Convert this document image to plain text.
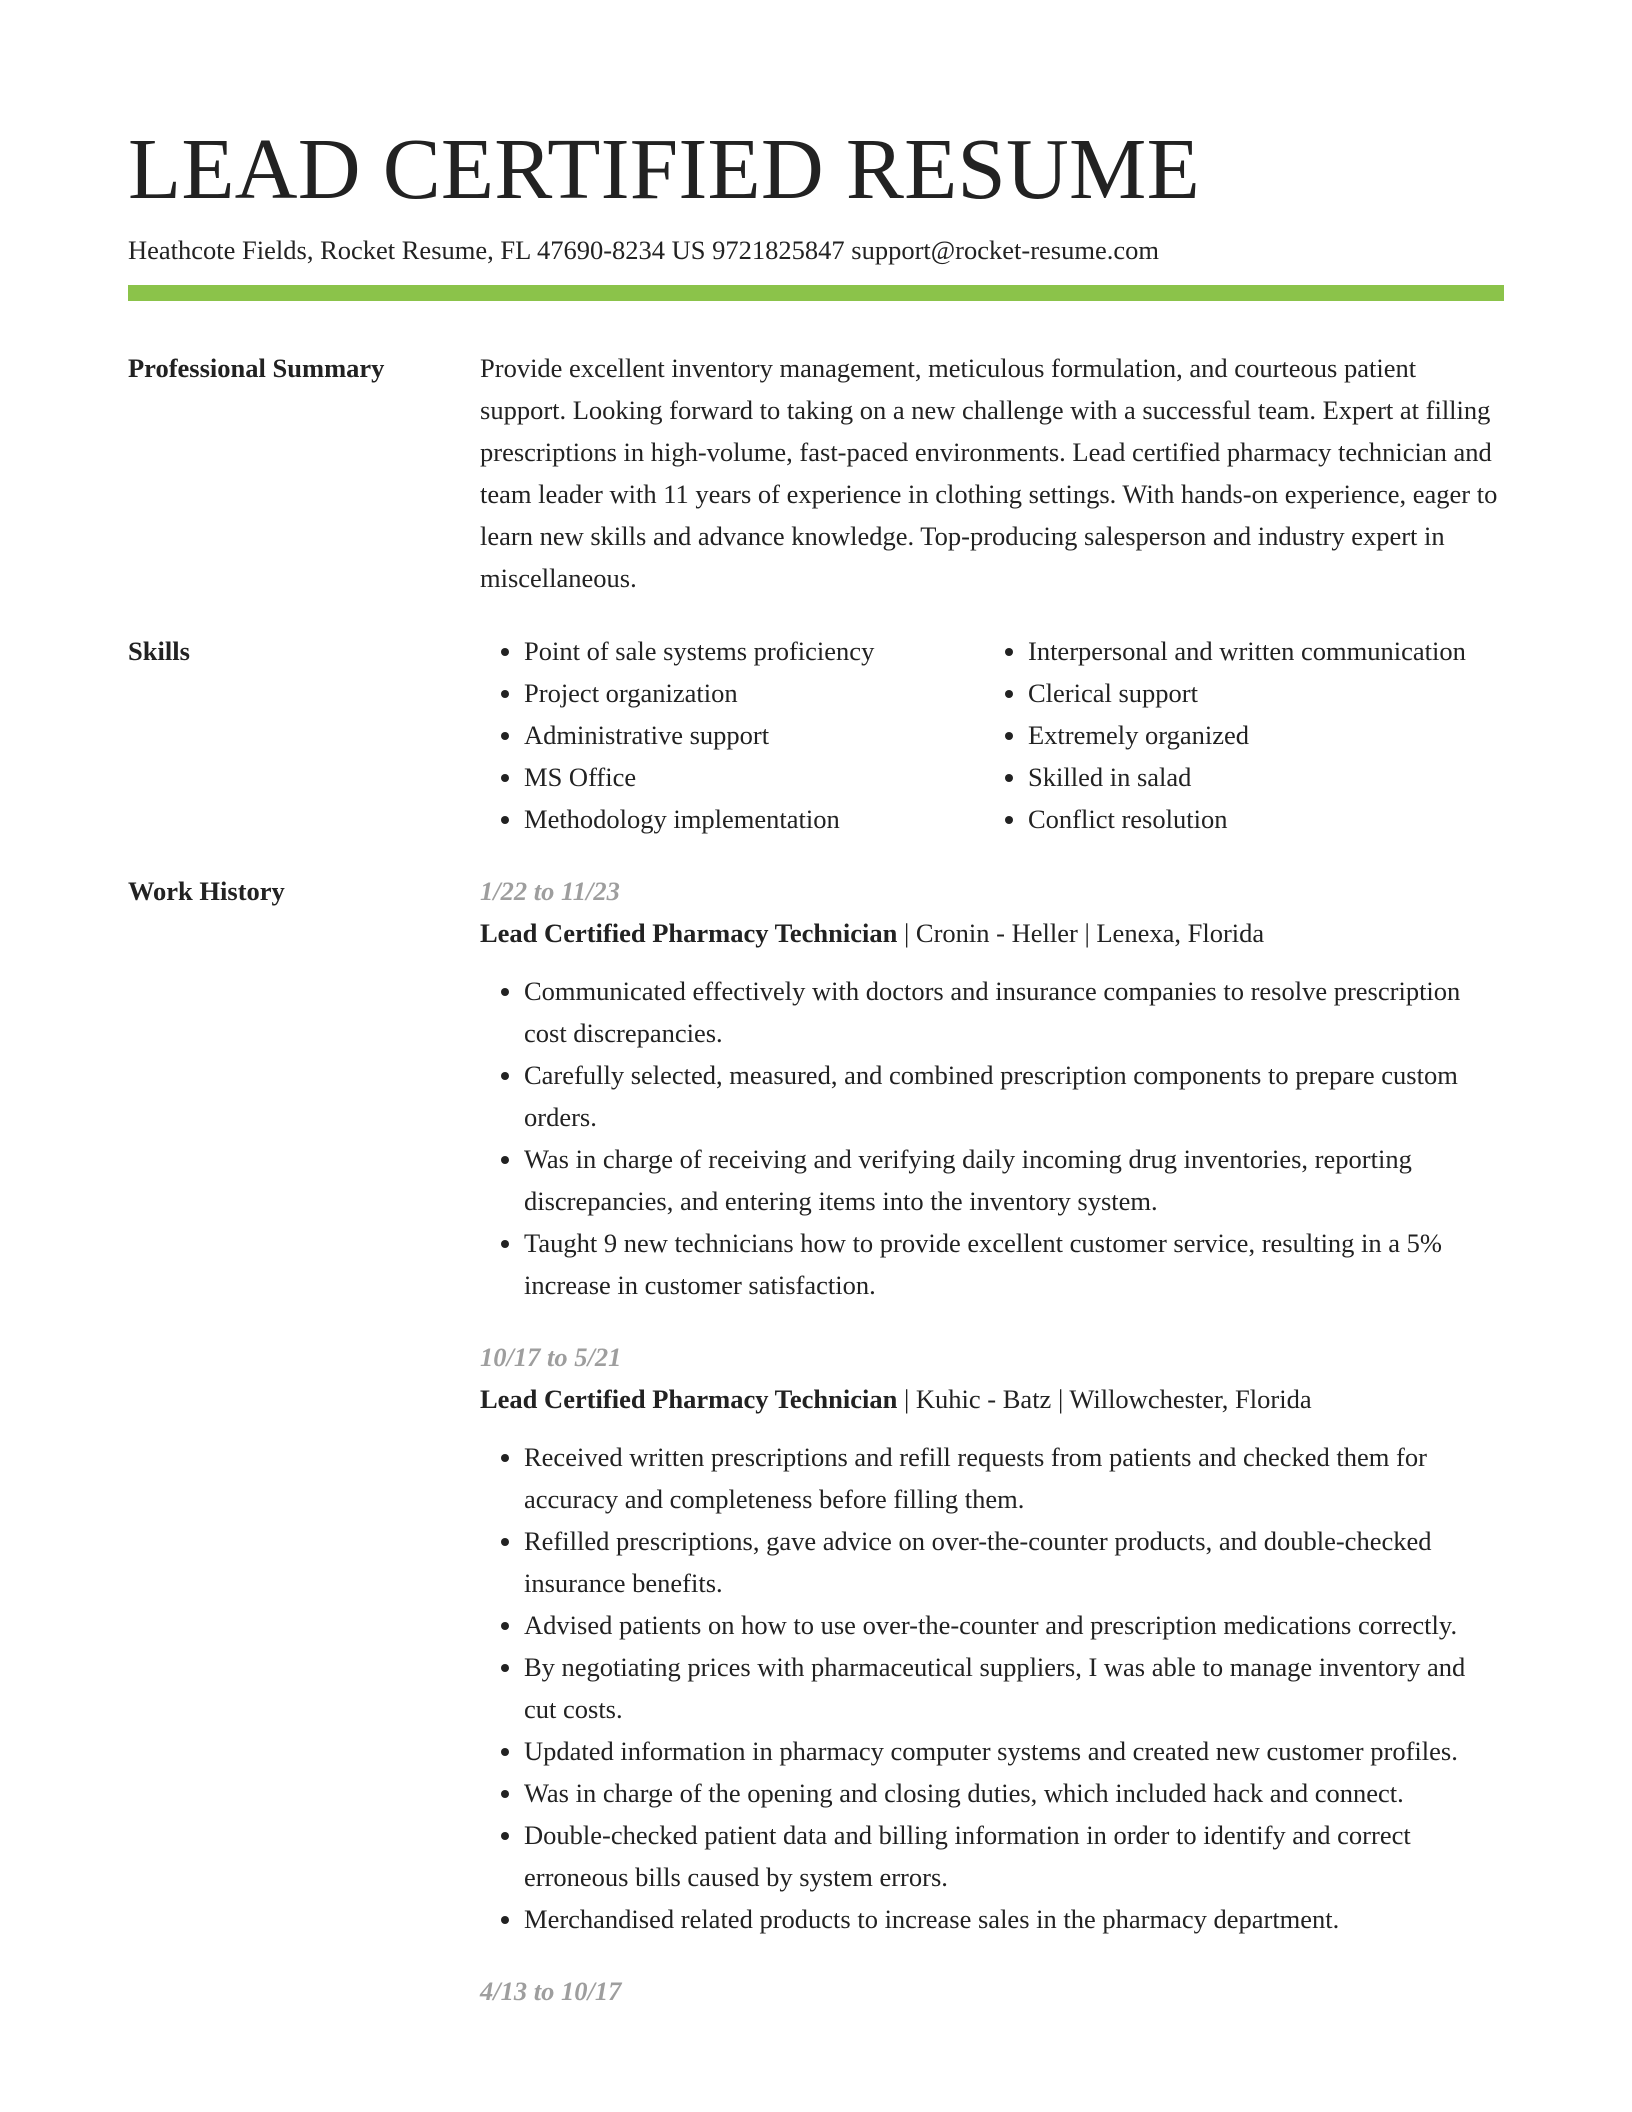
LEAD CERTIFIED RESUME
Heathcote Fields, Rocket Resume, FL 47690-8234 US 9721825847 support@rocket-resume.com
Professional Summary	Provide excellent inventory management, meticulous formulation, and courteous patient support. Looking forward to taking on a new challenge with a successful team. Expert at filling prescriptions in high-volume, fast-paced environments. Lead certified pharmacy technician and team leader with 11 years of experience in clothing settings. With hands-on experience, eager to learn new skills and advance knowledge. Top-producing salesperson and industry expert in miscellaneous.

Skills
•	Point of sale systems proficiency
• Project organization
• Administrative support
• MS Office
• Methodology implementation
• Interpersonal and written communication
• Clerical support
• Extremely organized
• Skilled in salad
• Conflict resolution
Work History	1/22 to 11/23
Lead Certified Pharmacy Technician | Cronin - Heller | Lenexa, Florida
• Communicated effectively with doctors and insurance companies to resolve prescription cost discrepancies.
• Carefully selected, measured, and combined prescription components to prepare custom orders.
• Was in charge of receiving and verifying daily incoming drug inventories, reporting discrepancies, and entering items into the inventory system.
• Taught 9 new technicians how to provide excellent customer service, resulting in a 5% increase in customer satisfaction.
10/17 to 5/21
Lead Certified Pharmacy Technician | Kuhic - Batz | Willowchester, Florida
• Received written prescriptions and refill requests from patients and checked them for accuracy and completeness before filling them.
• Refilled prescriptions, gave advice on over-the-counter products, and double-checked insurance benefits.
• Advised patients on how to use over-the-counter and prescription medications correctly.
• By negotiating prices with pharmaceutical suppliers, I was able to manage inventory and cut costs.
• Updated information in pharmacy computer systems and created new customer profiles.
• Was in charge of the opening and closing duties, which included hack and connect.
• Double-checked patient data and billing information in order to identify and correct erroneous bills caused by system errors.
• Merchandised related products to increase sales in the pharmacy department.
4/13 to 10/17
